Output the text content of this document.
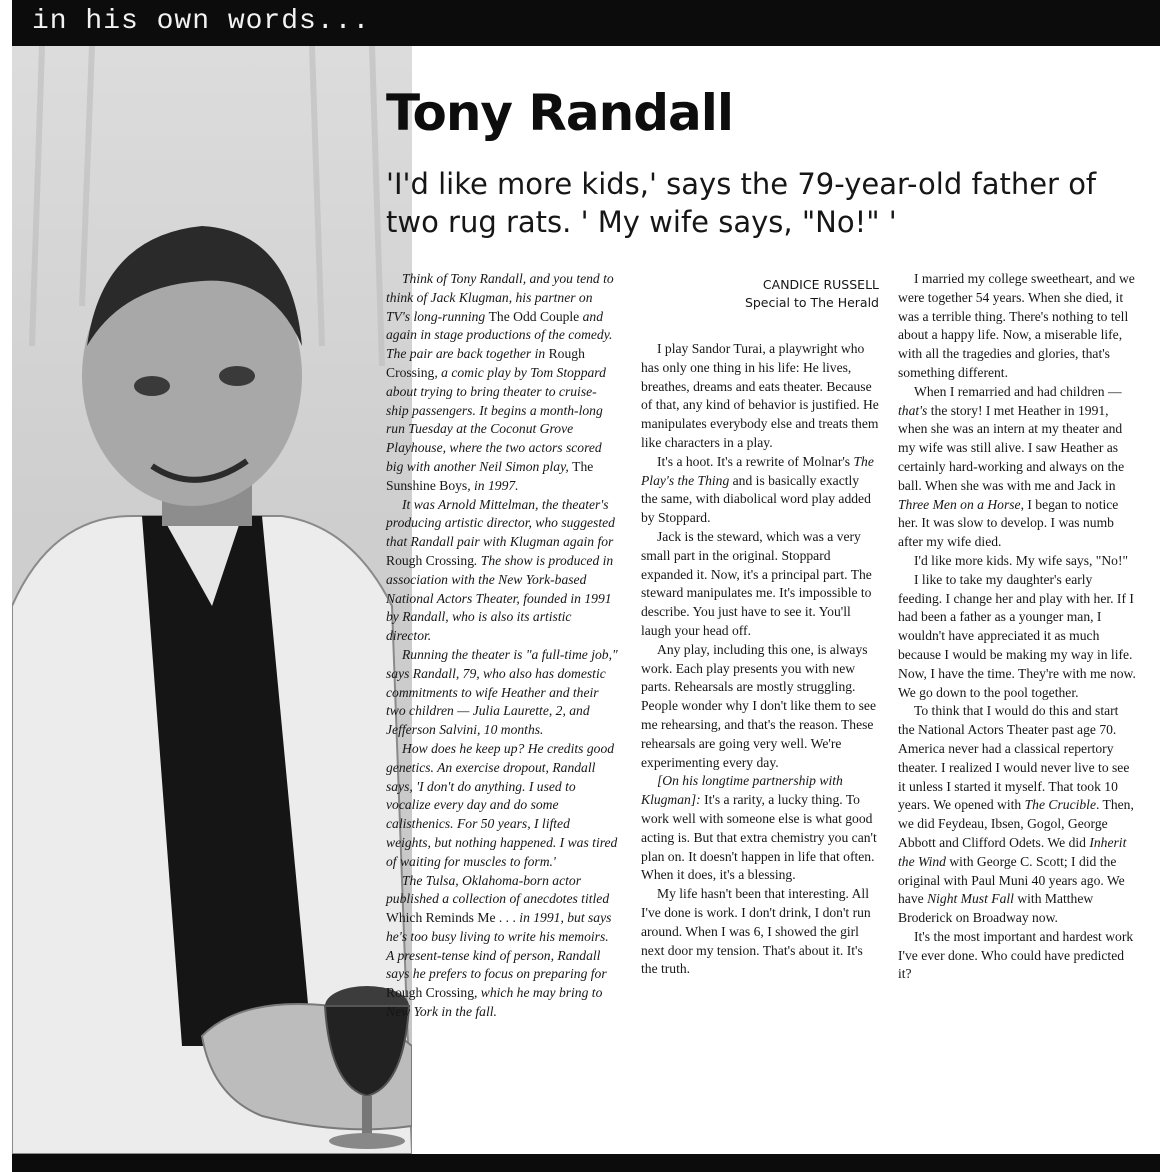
in his own words...
Tony Randall

'I'd like more kids,' says the 79-year-old father of two rug rats. ' My wife says, "No!" '

Think of Tony Randall, and you tend to think of Jack Klugman, his partner on TV's long-running The Odd Couple and again in stage productions of the comedy. The pair are back together in Rough Crossing, a comic play by Tom Stoppard about trying to bring theater to cruise-ship passengers. It begins a month-long run Tuesday at the Coconut Grove Playhouse, where the two actors scored big with another Neil Simon play, The Sunshine Boys, in 1997.

It was Arnold Mittelman, the theater's producing artistic director, who suggested that Randall pair with Klugman again for Rough Crossing. The show is produced in association with the New York-based National Actors Theater, founded in 1991 by Randall, who is also its artistic director.

Running the theater is "a full-time job," says Randall, 79, who also has domestic commitments to wife Heather and their two children — Julia Laurette, 2, and Jefferson Salvini, 10 months.

How does he keep up? He credits good genetics. An exercise dropout, Randall says, 'I don't do anything. I used to vocalize every day and do some calisthenics. For 50 years, I lifted weights, but nothing happened. I was tired of waiting for muscles to form.'

The Tulsa, Oklahoma-born actor published a collection of anecdotes titled Which Reminds Me . . . in 1991, but says he's too busy living to write his memoirs. A present-tense kind of person, Randall says he prefers to focus on preparing for Rough Crossing, which he may bring to New York in the fall.

CANDICE RUSSELL
Special to The Herald

I play Sandor Turai, a playwright who has only one thing in his life: He lives, breathes, dreams and eats theater. Because of that, any kind of behavior is justified. He manipulates everybody else and treats them like characters in a play.

It's a hoot. It's a rewrite of Molnar's The Play's the Thing and is basically exactly the same, with diabolical word play added by Stoppard.

Jack is the steward, which was a very small part in the original. Stoppard expanded it. Now, it's a principal part. The steward manipulates me. It's impossible to describe. You just have to see it. You'll laugh your head off.

Any play, including this one, is always work. Each play presents you with new parts. Rehearsals are mostly struggling. People wonder why I don't like them to see me rehearsing, and that's the reason. These rehearsals are going very well. We're experimenting every day.

[On his longtime partnership with Klugman]: It's a rarity, a lucky thing. To work well with someone else is what good acting is. But that extra chemistry you can't plan on. It doesn't happen in life that often. When it does, it's a blessing.

My life hasn't been that interesting. All I've done is work. I don't drink, I don't run around. When I was 6, I showed the girl next door my tension. That's about it. It's the truth.

I married my college sweetheart, and we were together 54 years. When she died, it was a terrible thing. There's nothing to tell about a happy life. Now, a miserable life, with all the tragedies and glories, that's something different.

When I remarried and had children — that's the story! I met Heather in 1991, when she was an intern at my theater and my wife was still alive. I saw Heather as certainly hard-working and always on the ball. When she was with me and Jack in Three Men on a Horse, I began to notice her. It was slow to develop. I was numb after my wife died.

I'd like more kids. My wife says, "No!"

I like to take my daughter's early feeding. I change her and play with her. If I had been a father as a younger man, I wouldn't have appreciated it as much because I would be making my way in life. Now, I have the time. They're with me now. We go down to the pool together.

To think that I would do this and start the National Actors Theater past age 70. America never had a classical repertory theater. I realized I would never live to see it unless I started it myself. That took 10 years. We opened with The Crucible. Then, we did Feydeau, Ibsen, Gogol, George Abbott and Clifford Odets. We did Inherit the Wind with George C. Scott; I did the original with Paul Muni 40 years ago. We have Night Must Fall with Matthew Broderick on Broadway now.

It's the most important and hardest work I've ever done. Who could have predicted it?
